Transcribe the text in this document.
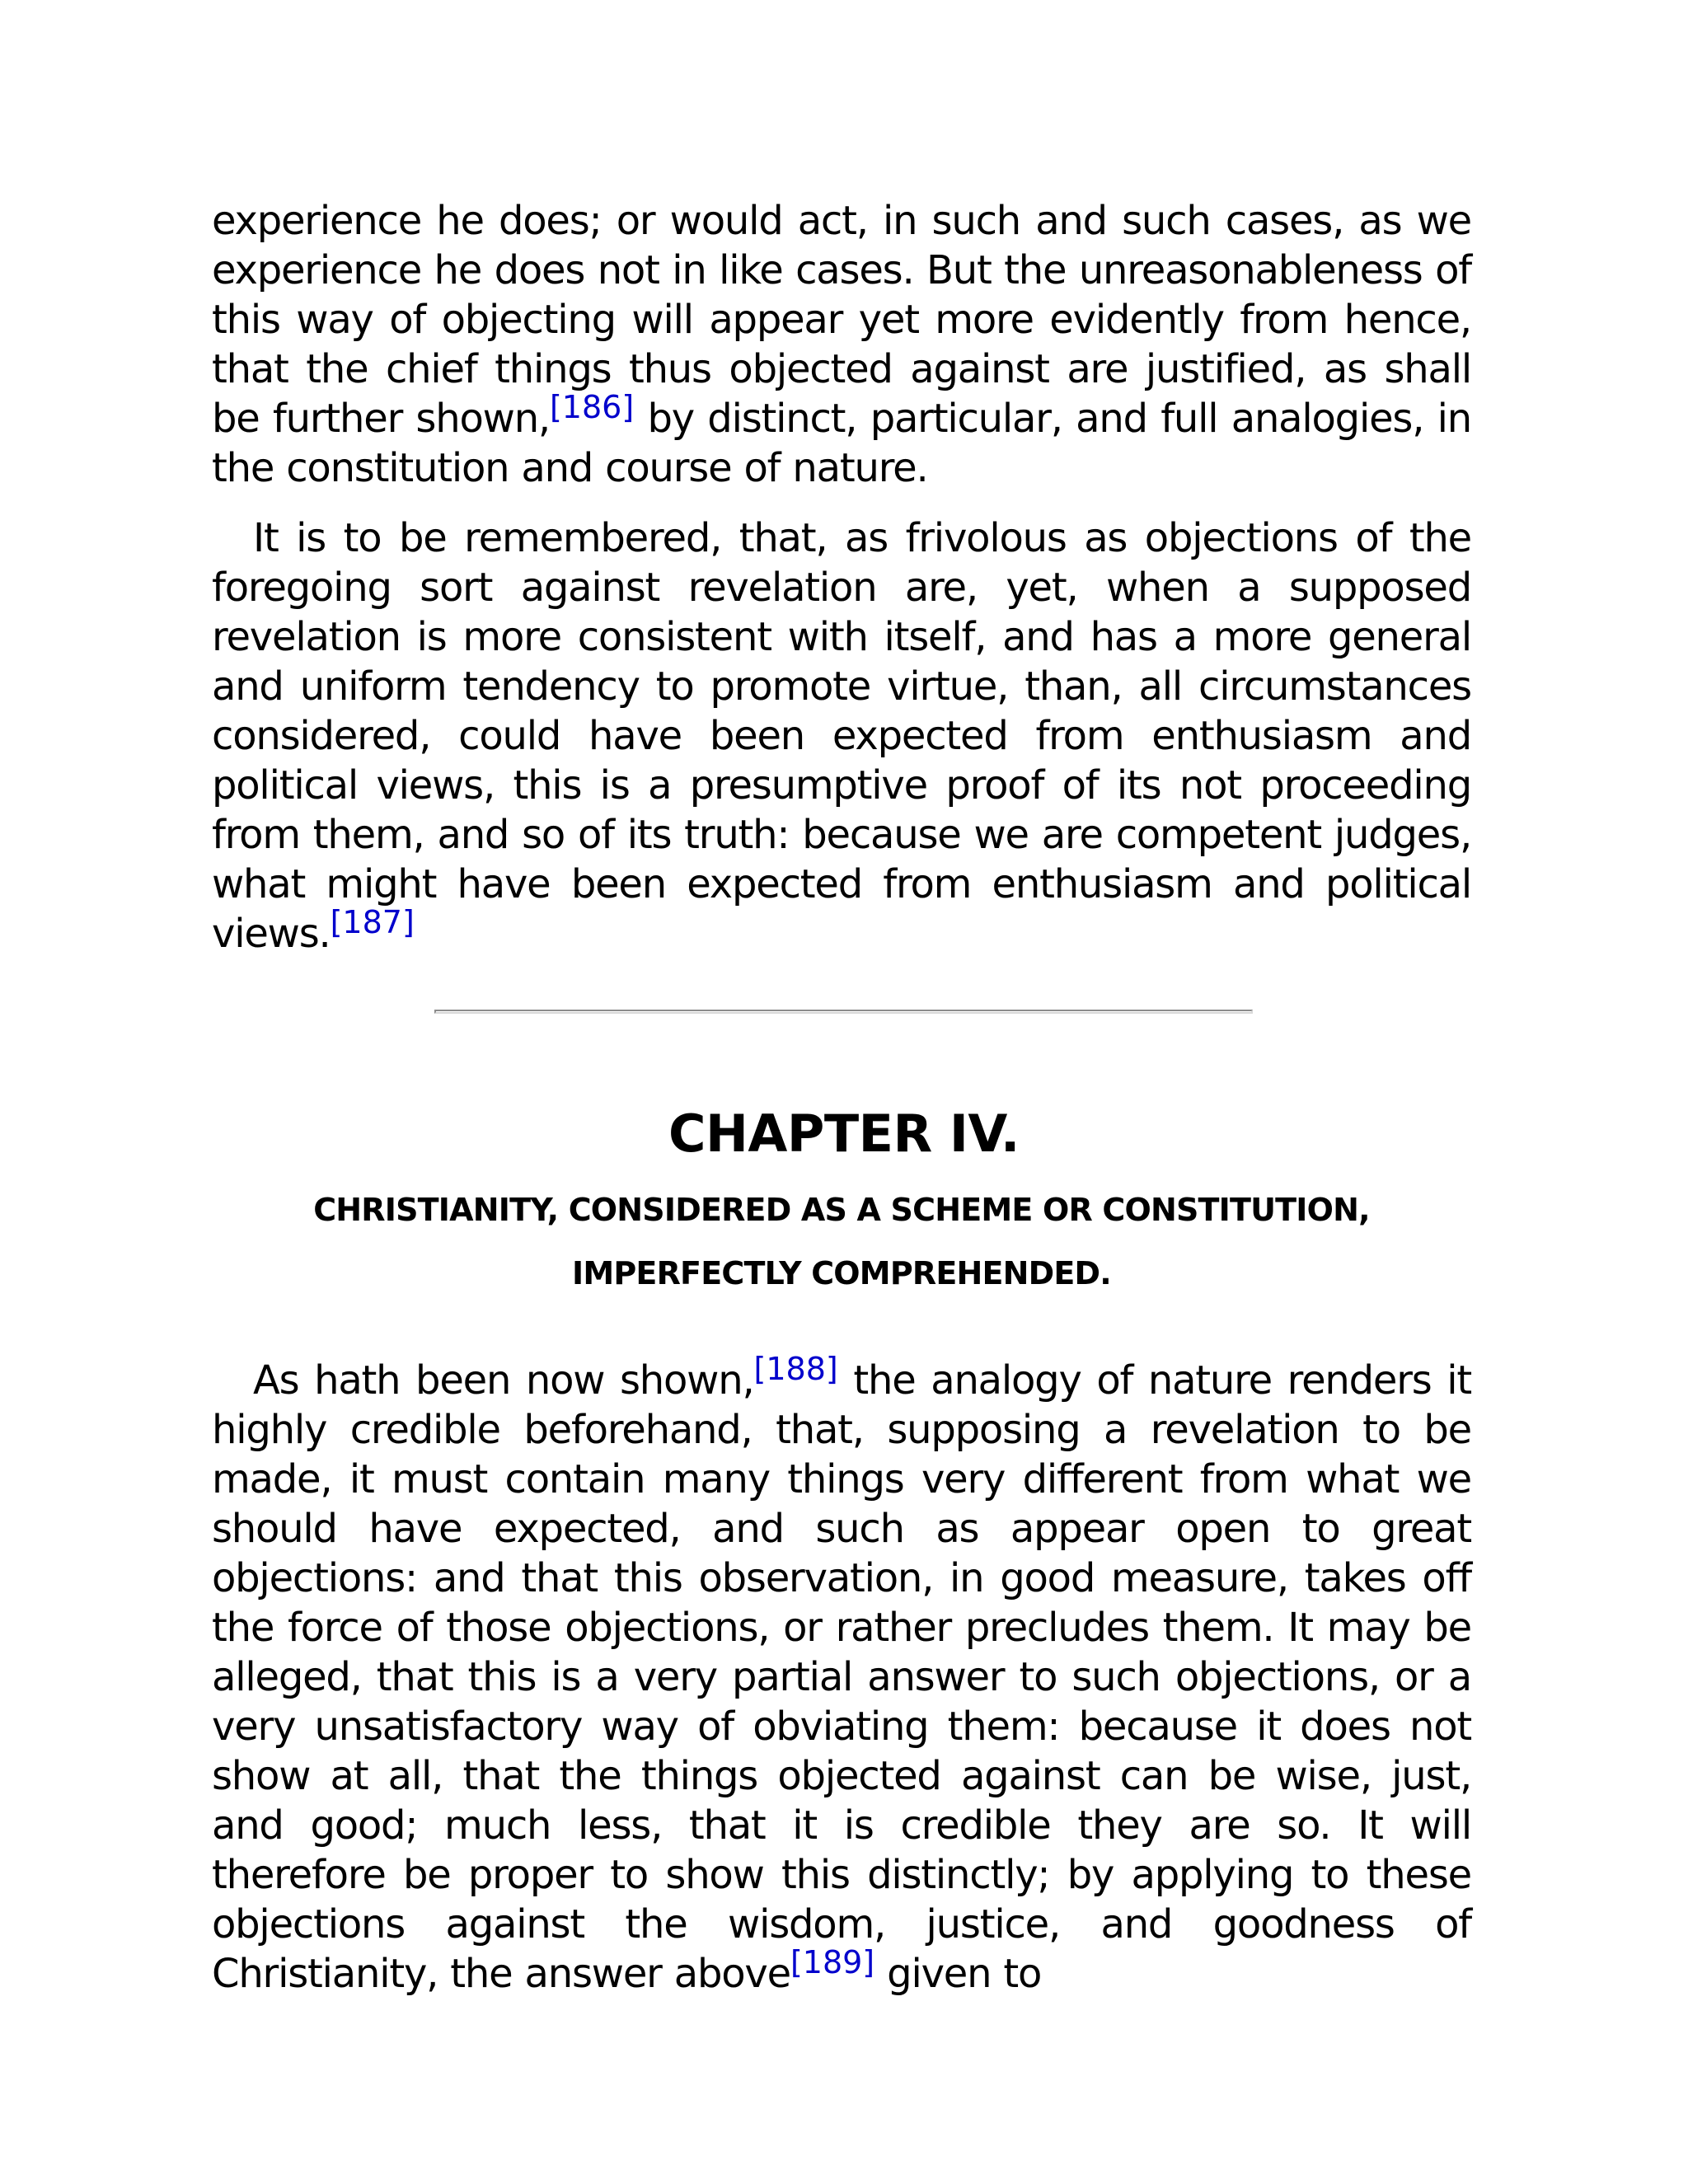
experience he does; or would act, in such and such cases, as we experience he does not in like cases. But the unreasonableness of this way of objecting will appear yet more evidently from hence, that the chief things thus objected against are justified, as shall be further shown,[186] by distinct, particular, and full analogies, in the constitution and course of nature.

It is to be remembered, that, as frivolous as objections of the foregoing sort against revelation are, yet, when a supposed revelation is more consistent with itself, and has a more general and uniform tendency to promote virtue, than, all circumstances considered, could have been expected from enthusiasm and political views, this is a presumptive proof of its not proceeding from them, and so of its truth: because we are competent judges, what might have been expected from enthusiasm and political views.[187]

CHAPTER IV.
CHRISTIANITY, CONSIDERED AS A SCHEME OR CONSTITUTION,
IMPERFECTLY COMPREHENDED.

As hath been now shown,[188] the analogy of nature renders it highly credible beforehand, that, supposing a revelation to be made, it must contain many things very different from what we should have expected, and such as appear open to great objections: and that this observation, in good measure, takes off the force of those objections, or rather precludes them. It may be alleged, that this is a very partial answer to such objections, or a very unsatisfactory way of obviating them: because it does not show at all, that the things objected against can be wise, just, and good; much less, that it is credible they are so. It will therefore be proper to show this distinctly; by applying to these objections against the wisdom, justice, and goodness of Christianity, the answer above[189] given to
